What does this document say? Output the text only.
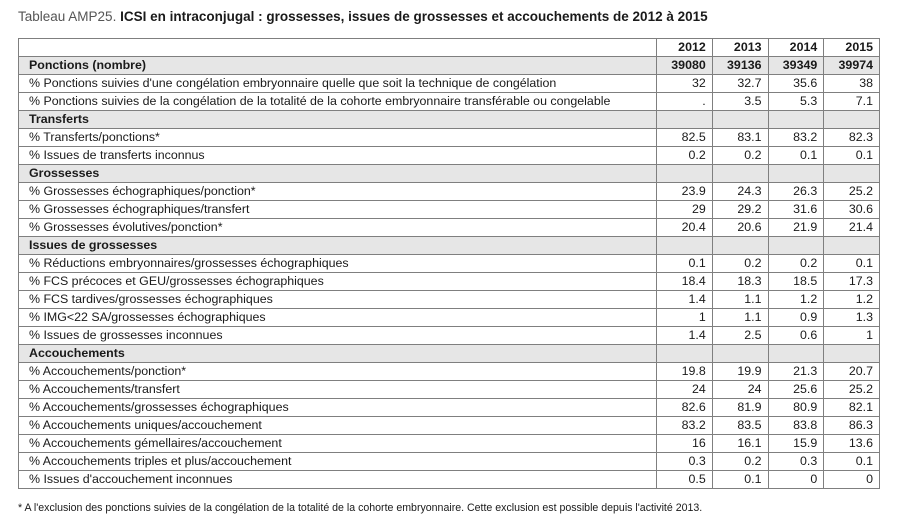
Tableau AMP25. ICSI en intraconjugal : grossesses, issues de grossesses et accouchements de 2012 à 2015
	2012	2013	2014	2015
Ponctions (nombre)	39080	39136	39349	39974
% Ponctions suivies d'une congélation embryonnaire quelle que soit la technique de congélation	32	32.7	35.6	38
% Ponctions suivies de la congélation de la totalité de la cohorte embryonnaire transférable ou congelable	.	3.5	5.3	7.1
Transferts				
% Transferts/ponctions*	82.5	83.1	83.2	82.3
% Issues de transferts inconnus	0.2	0.2	0.1	0.1
Grossesses				
% Grossesses échographiques/ponction*	23.9	24.3	26.3	25.2
% Grossesses échographiques/transfert	29	29.2	31.6	30.6
% Grossesses évolutives/ponction*	20.4	20.6	21.9	21.4
Issues de grossesses				
% Réductions embryonnaires/grossesses échographiques	0.1	0.2	0.2	0.1
% FCS précoces et GEU/grossesses échographiques	18.4	18.3	18.5	17.3
% FCS tardives/grossesses échographiques	1.4	1.1	1.2	1.2
% IMG<22 SA/grossesses échographiques	1	1.1	0.9	1.3
% Issues de grossesses inconnues	1.4	2.5	0.6	1
Accouchements				
% Accouchements/ponction*	19.8	19.9	21.3	20.7
% Accouchements/transfert	24	24	25.6	25.2
% Accouchements/grossesses échographiques	82.6	81.9	80.9	82.1
% Accouchements uniques/accouchement	83.2	83.5	83.8	86.3
% Accouchements gémellaires/accouchement	16	16.1	15.9	13.6
% Accouchements triples et plus/accouchement	0.3	0.2	0.3	0.1
% Issues d'accouchement inconnues	0.5	0.1	0	0
* A l'exclusion des ponctions suivies de la congélation de la totalité de la cohorte embryonnaire. Cette exclusion est possible depuis l'activité 2013.
